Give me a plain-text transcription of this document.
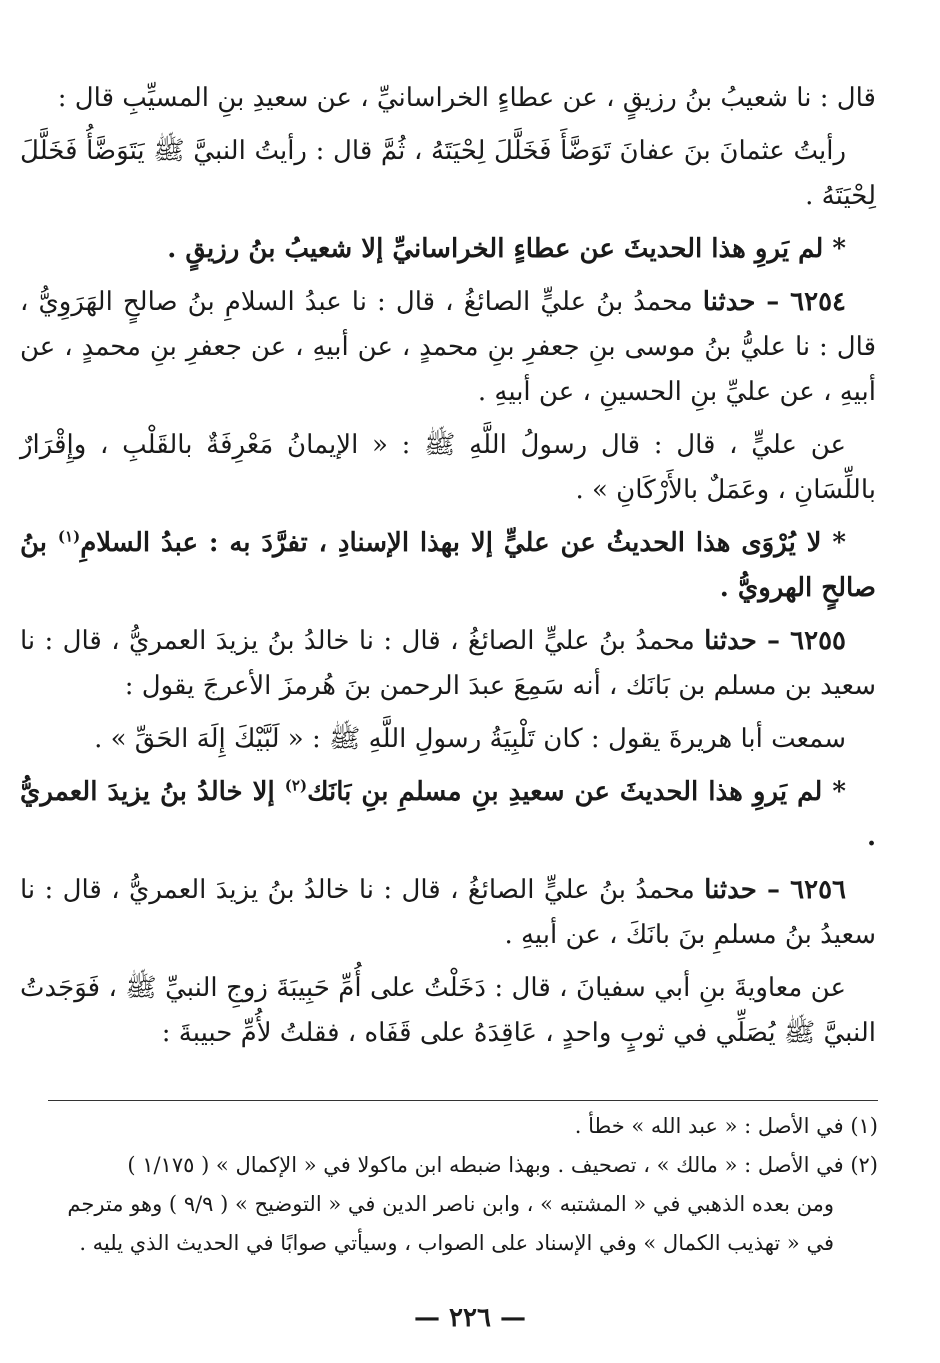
قال : نا شعيبُ بنُ رزيقٍ ، عن عطاءٍ الخراسانيِّ ، عن سعيدِ بنِ المسيِّبِ قال :

رأيتُ عثمانَ بنَ عفانَ تَوَضَّأَ فَخَلَّلَ لِحْيَتَهُ ، ثُمَّ قال : رأيتُ النبيَّ ﷺ يَتَوَضَّأُ فَخَلَّلَ لِحْيَتَهُ .

* لم يَروِ هذا الحديثَ عن عطاءٍ الخراسانيِّ إلا شعيبُ بنُ رزيقٍ .

٦٢٥٤ – حدثنا محمدُ بنُ عليٍّ الصائغُ ، قال : نا عبدُ السلامِ بنُ صالحٍ الهَرَوِيُّ ، قال : نا عليُّ بنُ موسى بنِ جعفرِ بنِ محمدٍ ، عن أبيهِ ، عن جعفرِ بنِ محمدٍ ، عن أبيهِ ، عن عليِّ بنِ الحسينِ ، عن أبيهِ .

عن عليٍّ ، قال : قال رسولُ اللَّهِ ﷺ : « الإيمانُ مَعْرِفَةٌ بالقَلْبِ ، وإِقْرَارٌ باللِّسَانِ ، وعَمَلٌ بالأَرْكَانِ » .

* لا يُرْوَى هذا الحديثُ عن عليٍّ إلا بهذا الإسنادِ ، تفرَّدَ به : عبدُ السلامِ$^{(١)}$ بنُ صالحٍ الهرويُّ .

٦٢٥٥ – حدثنا محمدُ بنُ عليٍّ الصائغُ ، قال : نا خالدُ بنُ يزيدَ العمريُّ ، قال : نا سعيد بن مسلم بن بَانَك ، أنه سَمِعَ عبدَ الرحمن بنَ هُرمزَ الأعرجَ يقول :

سمعت أبا هريرةَ يقول : كان تَلْبِيَةُ رسولِ اللَّهِ ﷺ : « لَبَّيْكَ إِلَهَ الحَقِّ » .

* لم يَروِ هذا الحديثَ عن سعيدِ بنِ مسلمِ بنِ بَانَك$^{(٢)}$ إلا خالدُ بنُ يزيدَ العمريُّ .

٦٢٥٦ – حدثنا محمدُ بنُ عليٍّ الصائغُ ، قال : نا خالدُ بنُ يزيدَ العمريُّ ، قال : نا سعيدُ بنُ مسلمِ بنَ بانَكَ ، عن أبيهِ .

عن معاويةَ بنِ أبي سفيانَ ، قال : دَخَلْتُ على أُمِّ حَبِيبَةَ زوجِ النبيِّ ﷺ ، فَوَجَدتُ النبيَّ ﷺ يُصَلِّي في ثوبٍ واحدٍ ، عَاقِدَهُ على قَفَاه ، فقلتُ لأُمِّ حبيبةَ :

(١) في الأصل : « عبد الله » خطأ .

(٢) في الأصل : « مالك » ، تصحيف . وبهذا ضبطه ابن ماكولا في « الإكمال » ( ١/١٧٥ )

ومن بعده الذهبي في « المشتبه » ، وابن ناصر الدين في « التوضيح » ( ٩/٩ ) وهو مترجم

في « تهذيب الكمال » وفي الإسناد على الصواب ، وسيأتي صوابًا في الحديث الذي يليه .

— ٢٢٦ —
